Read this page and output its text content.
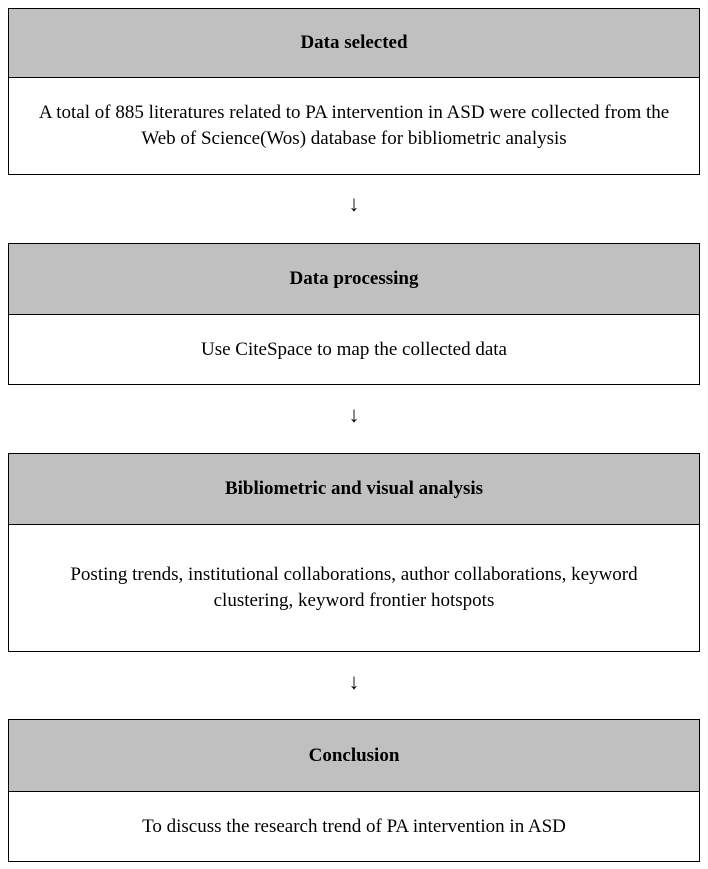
Data selected
A total of 885 literatures related to PA intervention in ASD were collected from the Web of Science(Wos) database for bibliometric analysis
↓
Data processing
Use CiteSpace to map the collected data
↓
Bibliometric and visual analysis
Posting trends, institutional collaborations, author collaborations, keyword clustering, keyword frontier hotspots
↓
Conclusion
To discuss the research trend of PA intervention in ASD
